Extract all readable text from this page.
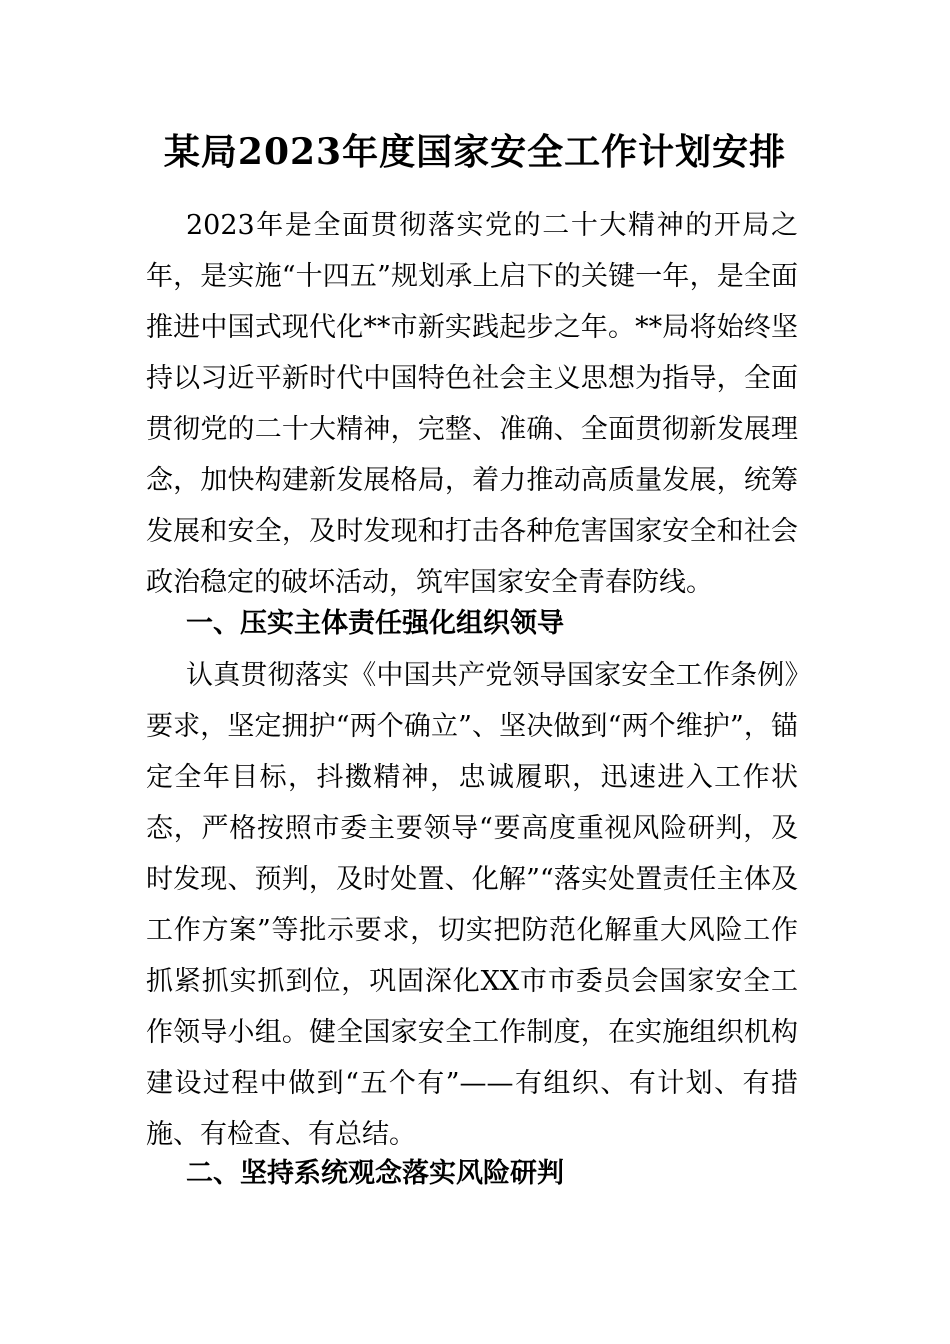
某局2023年度国家安全工作计划安排

2023年是全面贯彻落实党的二十大精神的开局之年，是实施“十四五”规划承上启下的关键一年，是全面推进中国式现代化**市新实践起步之年。**局将始终坚持以习近平新时代中国特色社会主义思想为指导，全面贯彻党的二十大精神，完整、准确、全面贯彻新发展理念，加快构建新发展格局，着力推动高质量发展，统筹发展和安全，及时发现和打击各种危害国家安全和社会政治稳定的破坏活动，筑牢国家安全青春防线。

一、压实主体责任强化组织领导

认真贯彻落实《中国共产党领导国家安全工作条例》要求，坚定拥护“两个确立”、坚决做到“两个维护”，锚定全年目标，抖擞精神，忠诚履职，迅速进入工作状态，严格按照市委主要领导“要高度重视风险研判，及时发现、预判，及时处置、化解”“落实处置责任主体及工作方案”等批示要求，切实把防范化解重大风险工作抓紧抓实抓到位，巩固深化XX市市委员会国家安全工作领导小组。健全国家安全工作制度，在实施组织机构建设过程中做到“五个有”——有组织、有计划、有措施、有检查、有总结。

二、坚持系统观念落实风险研判
